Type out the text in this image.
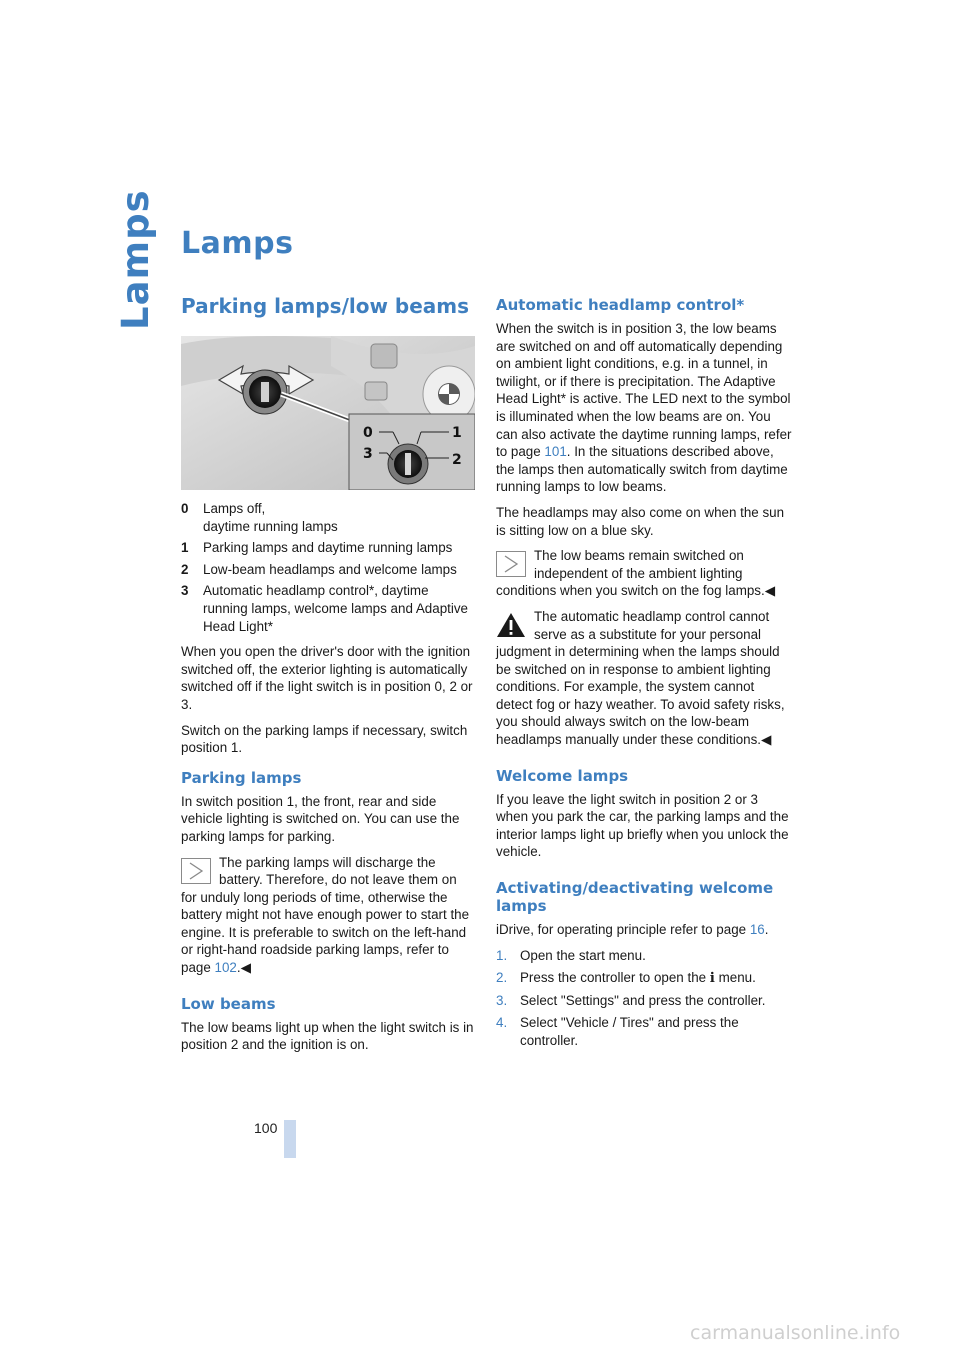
Lamps
100
carmanualsonline.info
Lamps
Parking lamps/low beams
0	1
2
3
0	Lamps off,
daytime running lamps
1	Parking lamps and daytime running lamps
2	Low-beam headlamps and welcome lamps
3	Automatic headlamp control*, daytime running lamps, welcome lamps and Adaptive Head Light*

When you open the driver's door with the ignition switched off, the exterior lighting is automatically switched off if the light switch is in position 0, 2 or 3.

Switch on the parking lamps if necessary, switch position 1.

Parking lamps

In switch position 1, the front, rear and side vehicle lighting is switched on. You can use the parking lamps for parking.

The parking lamps will discharge the battery. Therefore, do not leave them on for unduly long periods of time, otherwise the battery might not have enough power to start the engine. It is preferable to switch on the left-hand or right-hand roadside parking lamps, refer to page 102.◀
Low beams

The low beams light up when the light switch is in position 2 and the ignition is on.

Automatic headlamp control*

When the switch is in position 3, the low beams are switched on and off automatically depending on ambient light conditions, e.g. in a tunnel, in twilight, or if there is precipitation. The Adaptive Head Light* is active. The LED next to the symbol is illuminated when the low beams are on. You can also activate the daytime running lamps, refer to page 101. In the situations described above, the lamps then automatically switch from daytime running lamps to low beams.

The headlamps may also come on when the sun is sitting low on a blue sky.

The low beams remain switched on independent of the ambient lighting conditions when you switch on the fog lamps.◀
The automatic headlamp control cannot serve as a substitute for your personal judgment in determining when the lamps should be switched on in response to ambient lighting conditions. For example, the system cannot detect fog or hazy weather. To avoid safety risks, you should always switch on the low-beam headlamps manually under these conditions.◀
Welcome lamps

If you leave the light switch in position 2 or 3 when you park the car, the parking lamps and the interior lamps light up briefly when you unlock the vehicle.

Activating/deactivating welcome lamps

iDrive, for operating principle refer to page 16.

1. Open the start menu.
2. Press the controller to open the ℹ menu.
3. Select "Settings" and press the controller.
4. Select "Vehicle / Tires" and press the controller.
